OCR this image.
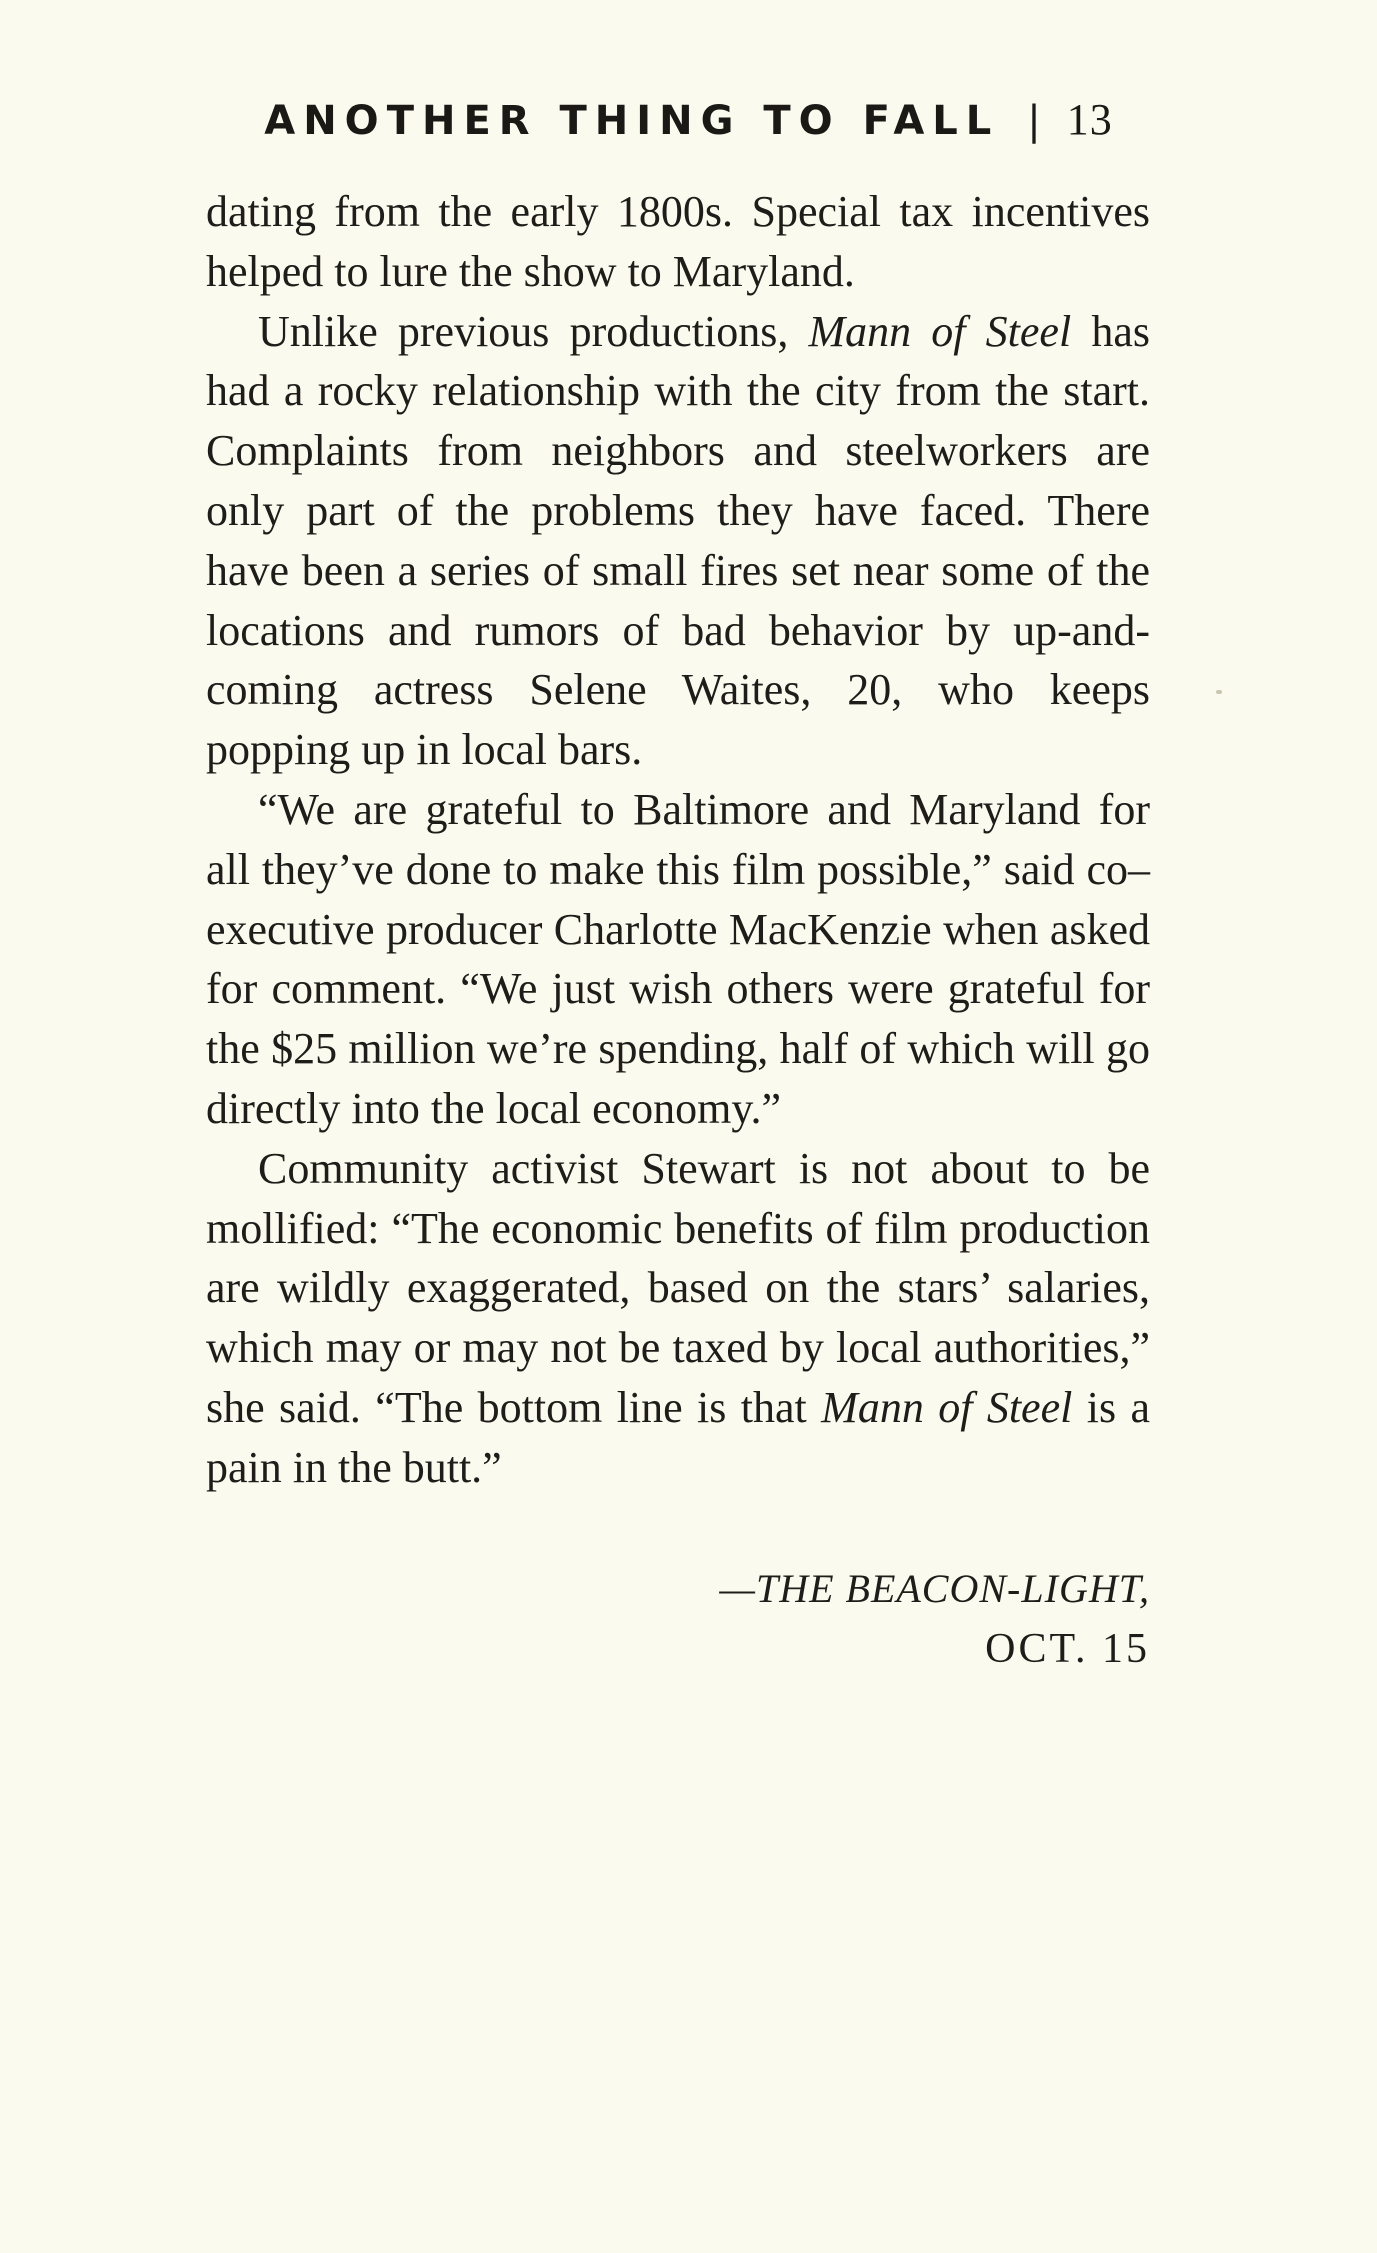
ANOTHER THING TO FALL | 13

dating from the early 1800s. Special tax incentives helped to lure the show to Maryland.

Unlike previous productions, Mann of Steel has had a rocky relationship with the city from the start. Complaints from neighbors and steelworkers are only part of the problems they have faced. There have been a series of small fires set near some of the locations and rumors of bad behavior by up-and-coming actress Selene Waites, 20, who keeps popping up in local bars.

“We are grateful to Baltimore and Maryland for all they’ve done to make this film possible,” said co–executive producer Charlotte MacKenzie when asked for comment. “We just wish others were grateful for the $25 million we’re spending, half of which will go directly into the local economy.”

Community activist Stewart is not about to be mollified: “The economic benefits of film production are wildly exaggerated, based on the stars’ salaries, which may or may not be taxed by local authorities,” she said. “The bottom line is that Mann of Steel is a pain in the butt.”

—THE BEACON-LIGHT,
OCT. 15
